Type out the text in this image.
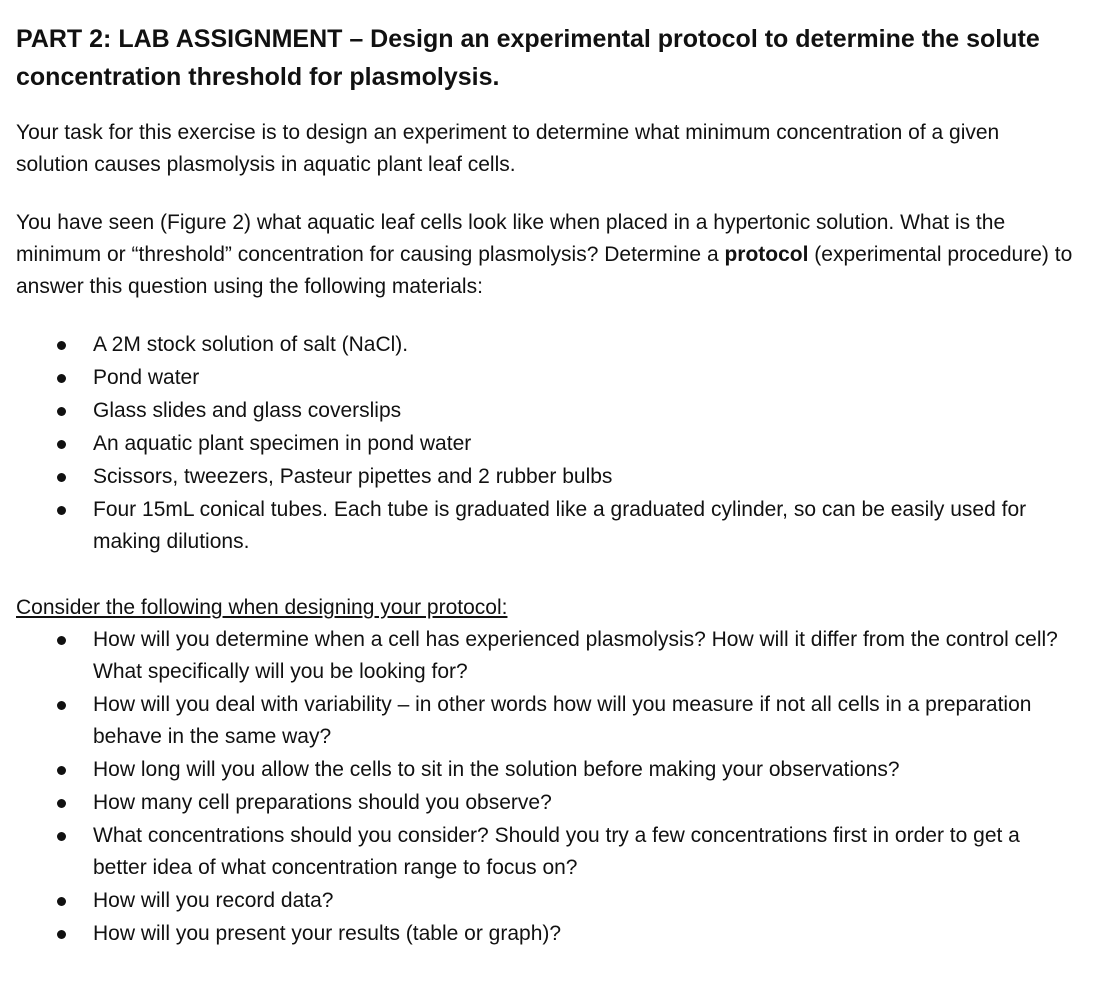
PART 2: LAB ASSIGNMENT – Design an experimental protocol to determine the solute concentration threshold for plasmolysis.

Your task for this exercise is to design an experiment to determine what minimum concentration of a given solution causes plasmolysis in aquatic plant leaf cells.

You have seen (Figure 2) what aquatic leaf cells look like when placed in a hypertonic solution. What is the minimum or “threshold” concentration for causing plasmolysis? Determine a protocol (experimental procedure) to answer this question using the following materials:

A 2M stock solution of salt (NaCl).
Pond water
Glass slides and glass coverslips
An aquatic plant specimen in pond water
Scissors, tweezers, Pasteur pipettes and 2 rubber bulbs
Four 15mL conical tubes. Each tube is graduated like a graduated cylinder, so can be easily used for making dilutions.
Consider the following when designing your protocol:
How will you determine when a cell has experienced plasmolysis? How will it differ from the control cell? What specifically will you be looking for?
How will you deal with variability – in other words how will you measure if not all cells in a preparation behave in the same way?
How long will you allow the cells to sit in the solution before making your observations?
How many cell preparations should you observe?
What concentrations should you consider? Should you try a few concentrations first in order to get a better idea of what concentration range to focus on?
How will you record data?
How will you present your results (table or graph)?
